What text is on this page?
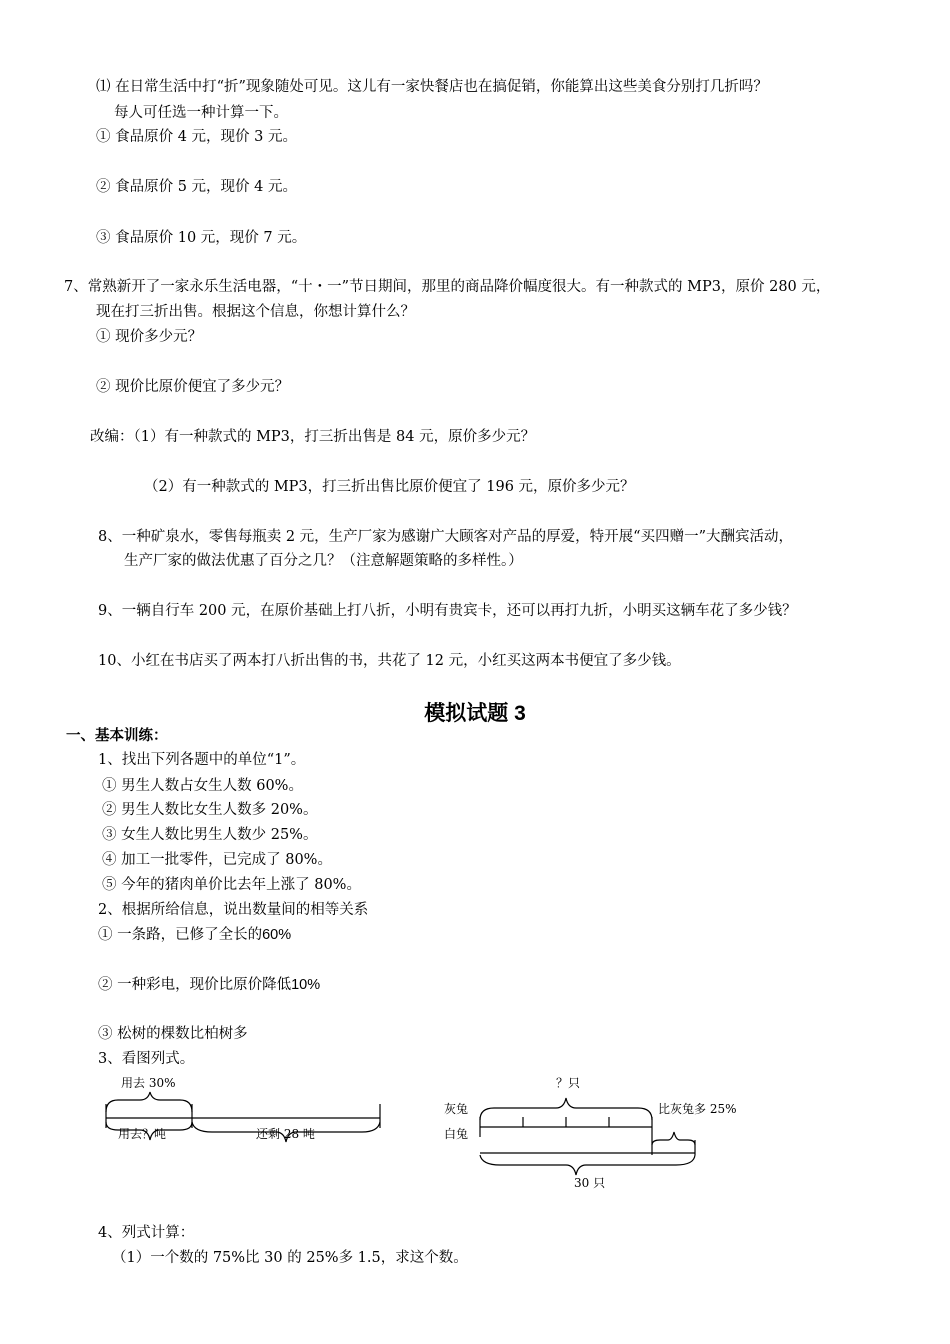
⑴ 在日常生活中打“折”现象随处可见。这儿有一家快餐店也在搞促销，你能算出这些美食分别打几折吗？
每人可任选一种计算一下。
① 食品原价 4 元，现价 3 元。
② 食品原价 5 元，现价 4 元。
③ 食品原价 10 元，现价 7 元。
7、常熟新开了一家永乐生活电器，“十・一”节日期间，那里的商品降价幅度很大。有一种款式的 MP3，原价 280 元，
现在打三折出售。根据这个信息，你想计算什么？
① 现价多少元？
② 现价比原价便宜了多少元？
改编：（1）有一种款式的 MP3，打三折出售是 84 元，原价多少元？
（2）有一种款式的 MP3，打三折出售比原价便宜了 196 元，原价多少元？
8、一种矿泉水，零售每瓶卖 2 元，生产厂家为感谢广大顾客对产品的厚爱，特开展“买四赠一”大酬宾活动，
生产厂家的做法优惠了百分之几？（注意解题策略的多样性。）
9、一辆自行车 200 元，在原价基础上打八折，小明有贵宾卡，还可以再打九折，小明买这辆车花了多少钱？
10、小红在书店买了两本打八折出售的书，共花了 12 元，小红买这两本书便宜了多少钱。
模拟试题 3
一、基本训练：
1、找出下列各题中的单位“1”。
① 男生人数占女生人数 60%。
② 男生人数比女生人数多 20%。
③ 女生人数比男生人数少 25%。
④ 加工一批零件，已完成了 80%。
⑤ 今年的猪肉单价比去年上涨了 80%。
2、根据所给信息，说出数量间的相等关系
① 一条路，已修了全长的60%
② 一种彩电，现价比原价降低10%
③ 松树的棵数比柏树多
3、看图列式。
用去 30%
用去？吨	还剩 28 吨
？只
灰兔
白兔
比灰兔多 25%
30 只
4、列式计算：
（1）一个数的 75%比 30 的 25%多 1.5，求这个数。
